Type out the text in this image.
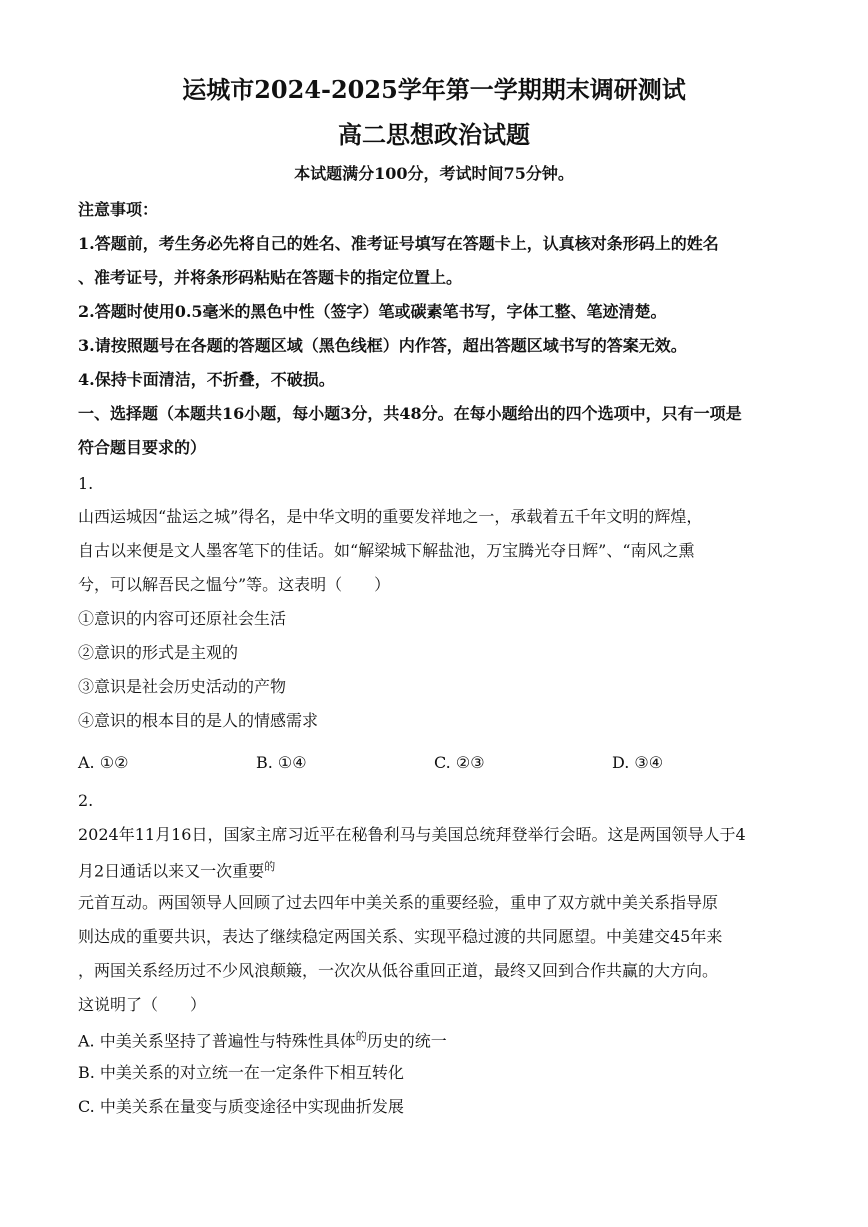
运城市2024-2025学年第一学期期末调研测试
高二思想政治试题
本试题满分100分，考试时间75分钟。
注意事项：
1.答题前，考生务必先将自己的姓名、准考证号填写在答题卡上，认真核对条形码上的姓名
、准考证号，并将条形码粘贴在答题卡的指定位置上。
2.答题时使用0.5毫米的黑色中性（签字）笔或碳素笔书写，字体工整、笔迹清楚。
3.请按照题号在各题的答题区域（黑色线框）内作答，超出答题区域书写的答案无效。
4.保持卡面清洁，不折叠，不破损。
一、选择题（本题共16小题，每小题3分，共48分。在每小题给出的四个选项中，只有一项是
符合题目要求的）
1.
山西运城因“盐运之城”得名，是中华文明的重要发祥地之一，承载着五千年文明的辉煌，
自古以来便是文人墨客笔下的佳话。如“解梁城下解盐池，万宝腾光夺日辉”、“南风之熏
兮，可以解吾民之愠兮”等。这表明（　　）
①意识的内容可还原社会生活
②意识的形式是主观的
③意识是社会历史活动的产物
④意识的根本目的是人的情感需求
A. ①②	B. ①④	C. ②③	D. ③④
2.
2024年11月16日，国家主席习近平在秘鲁利马与美国总统拜登举行会晤。这是两国领导人于4
月2日通话以来又一次重要$^的$
元首互动。两国领导人回顾了过去四年中美关系的重要经验，重申了双方就中美关系指导原
则达成的重要共识，表达了继续稳定两国关系、实现平稳过渡的共同愿望。中美建交45年来
，两国关系经历过不少风浪颠簸，一次次从低谷重回正道，最终又回到合作共赢的大方向。
这说明了（　　）
A. 中美关系坚持了普遍性与特殊性具体$^的$历史的统一
B. 中美关系的对立统一在一定条件下相互转化
C. 中美关系在量变与质变途径中实现曲折发展
